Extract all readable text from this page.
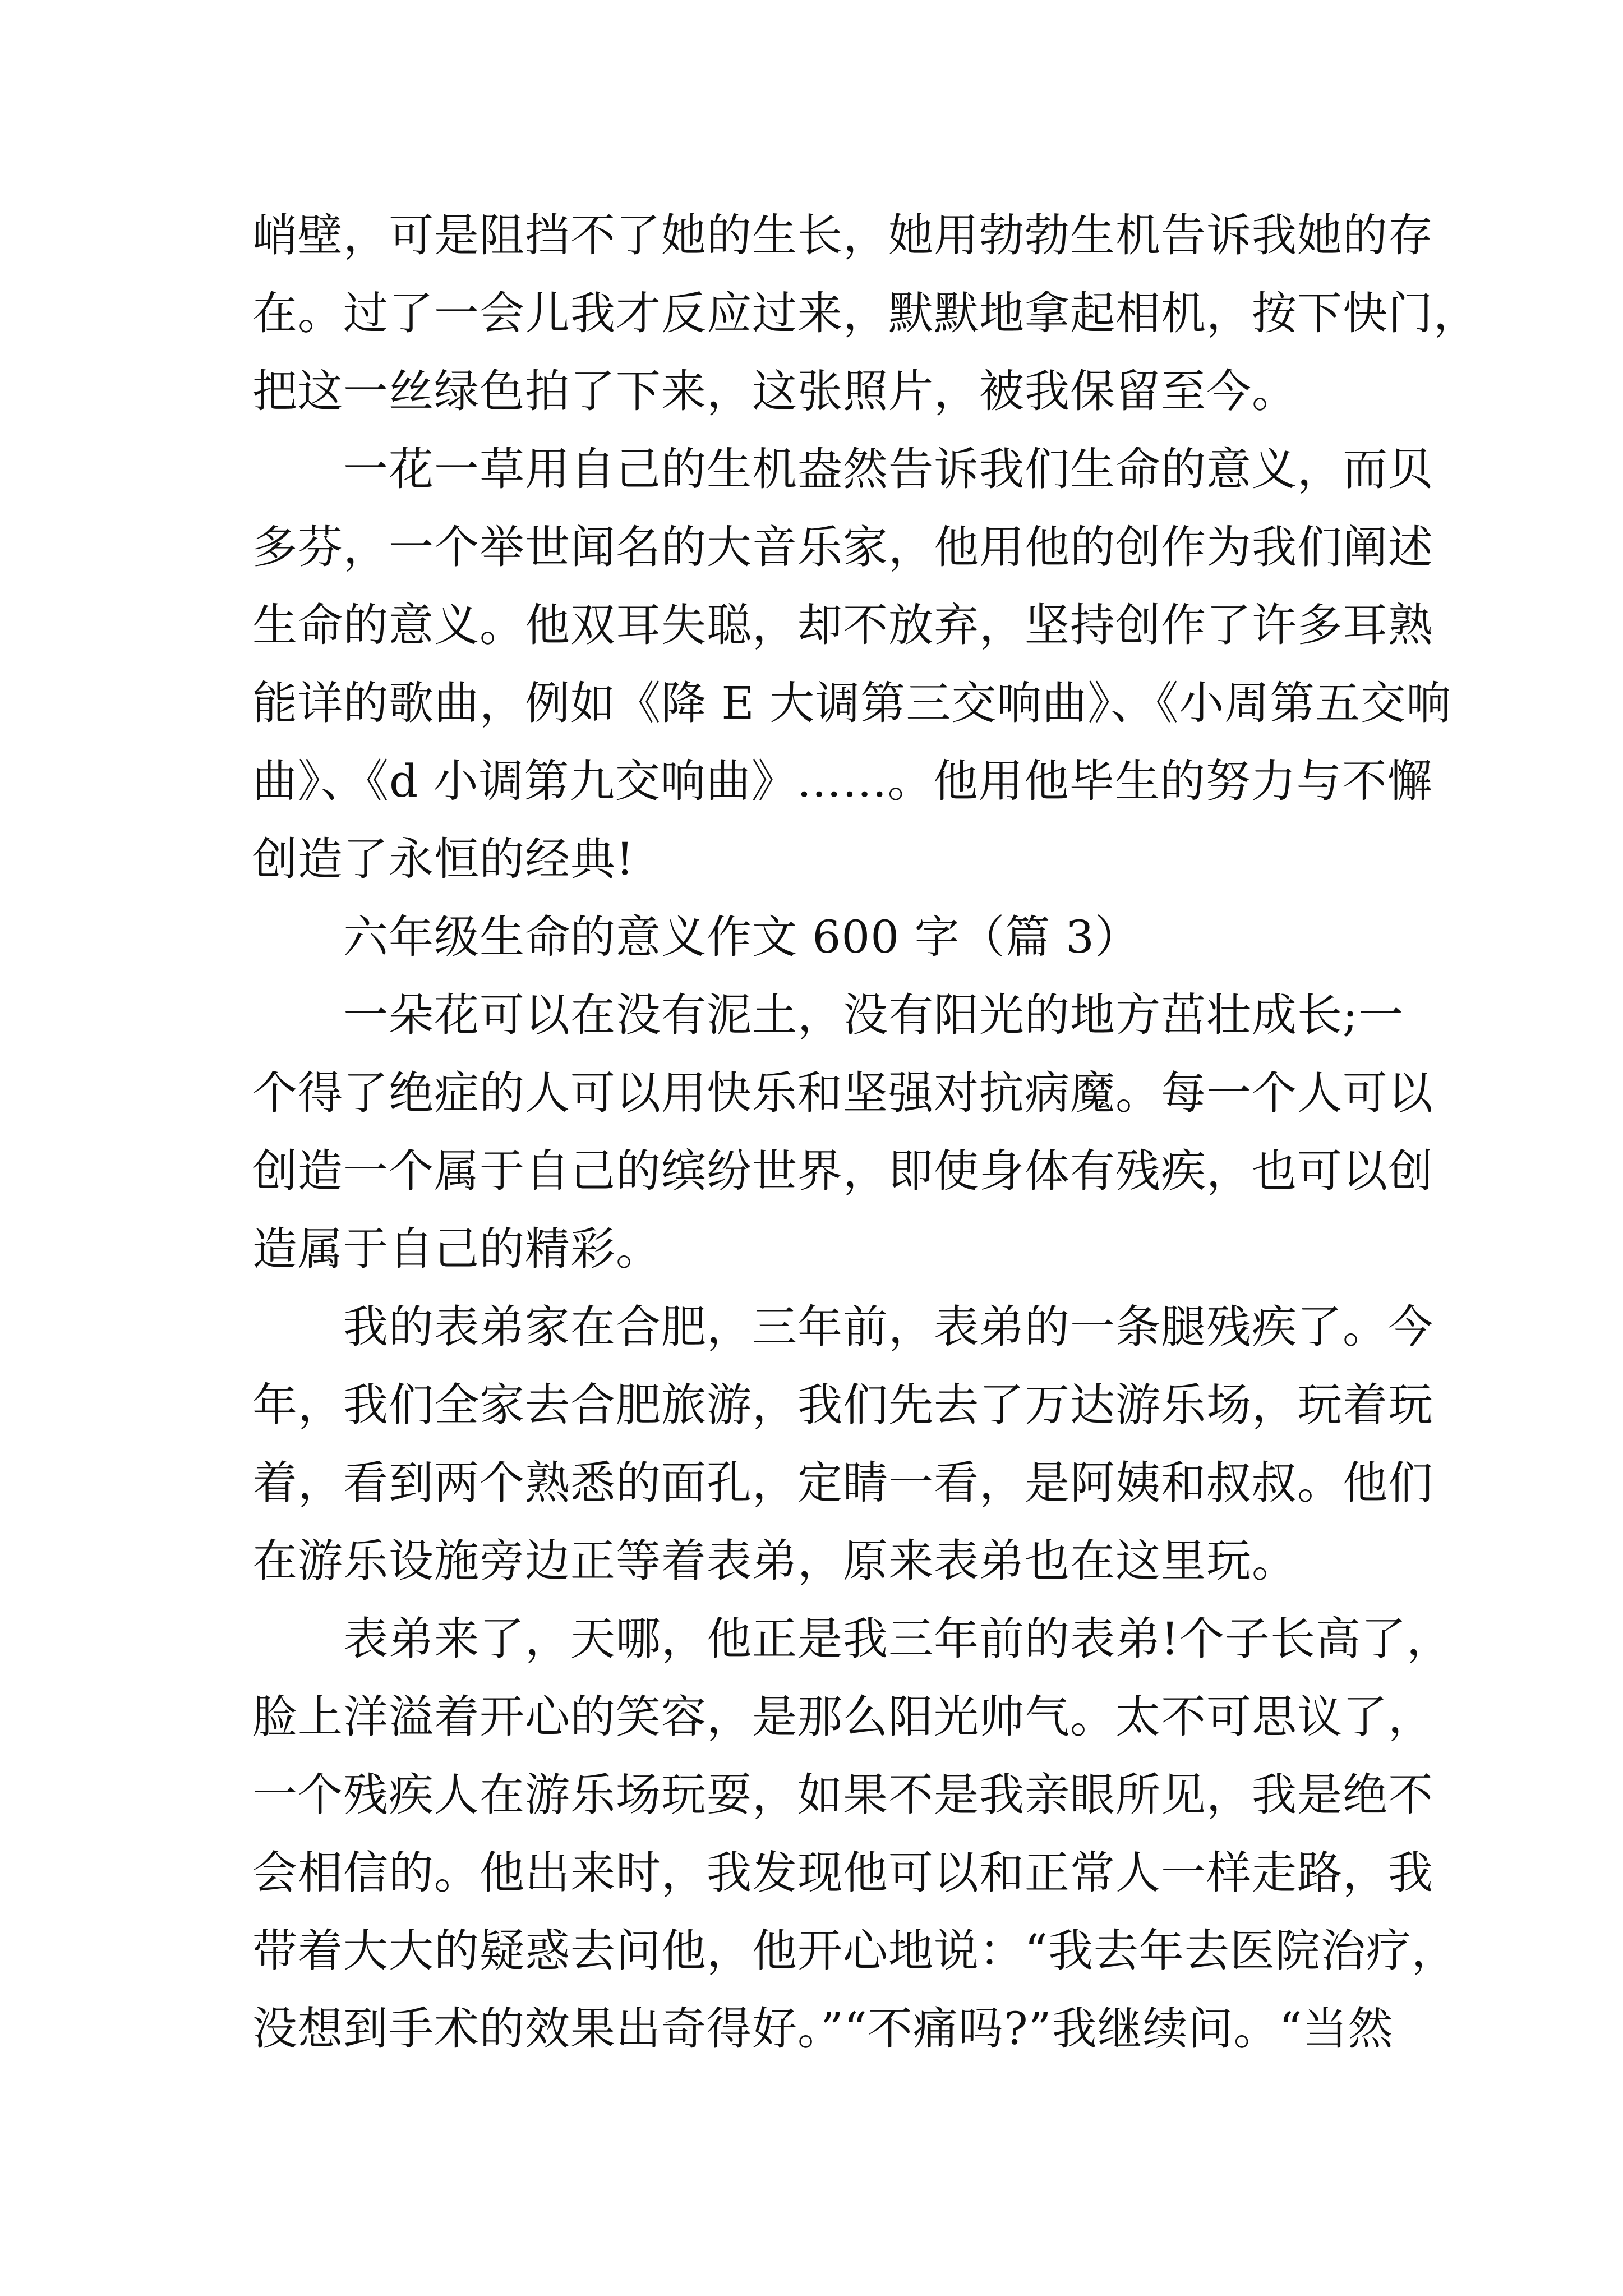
峭壁，可是阻挡不了她的生长，她用勃勃生机告诉我她的存
在。过了一会儿我才反应过来，默默地拿起相机，按下快门，
把这一丝绿色拍了下来，这张照片，被我保留至今。
　　一花一草用自己的生机盎然告诉我们生命的意义，而贝
多芬，一个举世闻名的大音乐家，他用他的创作为我们阐述
生命的意义。他双耳失聪，却不放弃，坚持创作了许多耳熟
能详的歌曲，例如《降 E 大调第三交响曲》、《小周第五交响
曲》、《d 小调第九交响曲》……。他用他毕生的努力与不懈
创造了永恒的经典!
　　六年级生命的意义作文 600 字（篇 3）
　　一朵花可以在没有泥土，没有阳光的地方茁壮成长;一
个得了绝症的人可以用快乐和坚强对抗病魔。每一个人可以
创造一个属于自己的缤纷世界，即使身体有残疾，也可以创
造属于自己的精彩。
　　我的表弟家在合肥，三年前，表弟的一条腿残疾了。今
年，我们全家去合肥旅游，我们先去了万达游乐场，玩着玩
着，看到两个熟悉的面孔，定睛一看，是阿姨和叔叔。他们
在游乐设施旁边正等着表弟，原来表弟也在这里玩。
　　表弟来了，天哪，他正是我三年前的表弟!个子长高了，
脸上洋溢着开心的笑容，是那么阳光帅气。太不可思议了，
一个残疾人在游乐场玩耍，如果不是我亲眼所见，我是绝不
会相信的。他出来时，我发现他可以和正常人一样走路，我
带着大大的疑惑去问他，他开心地说：“我去年去医院治疗，
没想到手术的效果出奇得好。”“不痛吗?”我继续问。“当然
